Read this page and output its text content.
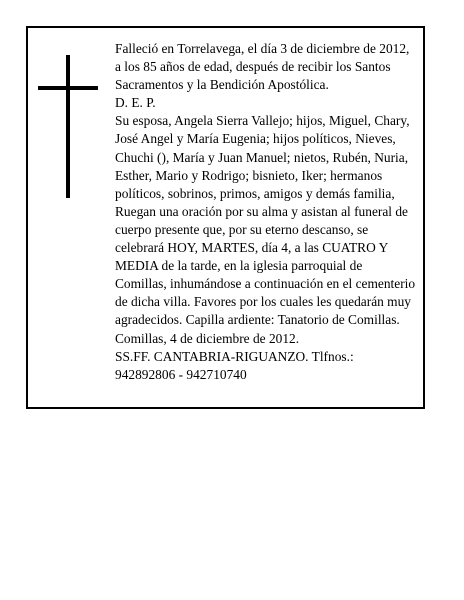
Falleció en Torrelavega, el día 3 de diciembre de 2012,

a los 85 años de edad, después de recibir los Santos

Sacramentos y la Bendición Apostólica.

D. E. P.

Su esposa, Angela Sierra Vallejo; hijos, Miguel, Chary,

José Angel y María Eugenia; hijos políticos, Nieves,

Chuchi (), María y Juan Manuel; nietos, Rubén, Nuria,

Esther, Mario y Rodrigo; bisnieto, Iker; hermanos

políticos, sobrinos, primos, amigos y demás familia,

Ruegan una oración por su alma y asistan al funeral de

cuerpo presente que, por su eterno descanso, se

celebrará HOY, MARTES, día 4, a las CUATRO Y

MEDIA de la tarde, en la iglesia parroquial de

Comillas, inhumándose a continuación en el cementerio

de dicha villa. Favores por los cuales les quedarán muy

agradecidos. Capilla ardiente: Tanatorio de Comillas.

Comillas, 4 de diciembre de 2012.

SS.FF. CANTABRIA-RIGUANZO. Tlfnos.:

942892806 - 942710740
